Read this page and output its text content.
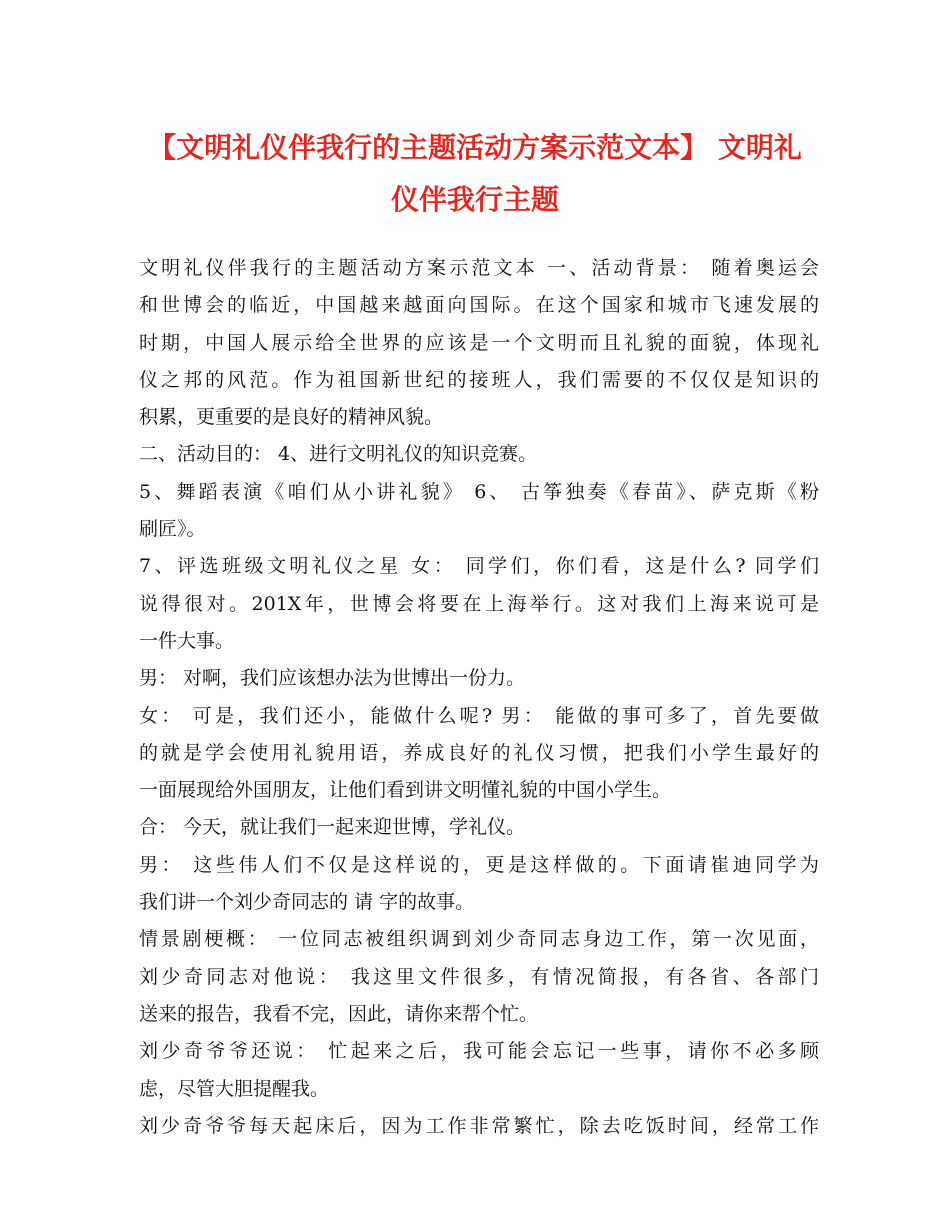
【文明礼仪伴我行的主题活动方案示范文本】 文明礼
仪伴我行主题
文明礼仪伴我行的主题活动方案示范文本 一、活动背景： 随着奥运会
和世博会的临近，中国越来越面向国际。在这个国家和城市飞速发展的
时期，中国人展示给全世界的应该是一个文明而且礼貌的面貌，体现礼
仪之邦的风范。作为祖国新世纪的接班人，我们需要的不仅仅是知识的
积累，更重要的是良好的精神风貌。
二、活动目的： 4、进行文明礼仪的知识竞赛。
5、舞蹈表演《咱们从小讲礼貌》 6、 古筝独奏《春苗》、萨克斯《粉
刷匠》。
7、评选班级文明礼仪之星 女： 同学们，你们看，这是什么? 同学们
说得很对。201X年，世博会将要在上海举行。这对我们上海来说可是
一件大事。
男： 对啊，我们应该想办法为世博出一份力。
女： 可是，我们还小，能做什么呢? 男： 能做的事可多了，首先要做
的就是学会使用礼貌用语，养成良好的礼仪习惯，把我们小学生最好的
一面展现给外国朋友，让他们看到讲文明懂礼貌的中国小学生。
合： 今天，就让我们一起来迎世博，学礼仪。
男： 这些伟人们不仅是这样说的，更是这样做的。下面请崔迪同学为
我们讲一个刘少奇同志的 请 字的故事。
情景剧梗概： 一位同志被组织调到刘少奇同志身边工作，第一次见面，
刘少奇同志对他说： 我这里文件很多，有情况简报，有各省、各部门
送来的报告，我看不完，因此，请你来帮个忙。
刘少奇爷爷还说： 忙起来之后，我可能会忘记一些事，请你不必多顾
虑，尽管大胆提醒我。
刘少奇爷爷每天起床后，因为工作非常繁忙，除去吃饭时间，经常工作
